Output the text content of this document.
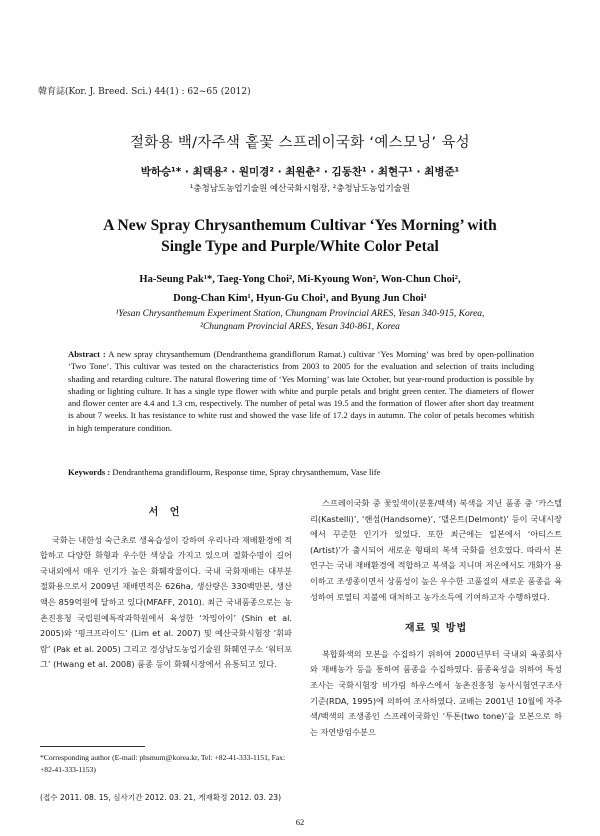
韓育誌(Kor. J. Breed. Sci.) 44(1) : 62~65 (2012)
절화용 백/자주색 홑꽃 스프레이국화 ‘예스모닝’ 육성
박하승¹* · 최택용² · 원미경² · 최원춘² · 김동찬¹ · 최현구¹ · 최병준¹
¹충청남도농업기술원 예산국화시험장, ²충청남도농업기술원
A New Spray Chrysanthemum Cultivar ‘Yes Morning’ with
Single Type and Purple/White Color Petal
Ha-Seung Pak¹*, Taeg-Yong Choi², Mi-Kyoung Won², Won-Chun Choi²,
Dong-Chan Kim¹, Hyun-Gu Choi¹, and Byung Jun Choi¹
¹Yesan Chrysanthemum Experiment Station, Chungnam Provincial ARES, Yesan 340-915, Korea,
²Chungnam Provincial ARES, Yesan 340-861, Korea
Abstract : A new spray chrysanthemum (Dendranthema grandiflorum Ramat.) cultivar ‘Yes Morning’ was bred by open-pollination ‘Two Tone’. This cultivar was tested on the characteristics from 2003 to 2005 for the evaluation and selection of traits including shading and retarding culture. The natural flowering time of ‘Yes Morning’ was late October, but year-round production is possible by shading or lighting culture. It has a single type flower with white and purple petals and bright green center. The diameters of flower and flower center are 4.4 and 1.3 cm, respectively. The number of petal was 19.5 and the formation of flower after short day treatment is about 7 weeks. It has resistance to white rust and showed the vase life of 17.2 days in autumn. The color of petals becomes whitish in high temperature condition.
Keywords : Dendranthema grandiflourm, Response time, Spray chrysanthemum, Vase life
서 언

국화는 내한성 숙근초로 생육습성이 강하여 우리나라 재배환경에 적합하고 다양한 화형과 우수한 색상을 가지고 있으며 절화수명이 길어 국내외에서 매우 인기가 높은 화훼작물이다. 국내 국화재배는 대부분 절화용으로서 2009년 재배면적은 626ha, 생산량은 330백만본, 생산액은 859억원에 달하고 있다(MFAFF, 2010). 최근 국내품종으로는 농촌진흥청 국립원예특작과학원에서 육성한 ‘차밍아이’ (Shin et al. 2005)와 ‘핑크프라이드’ (Lim et al. 2007) 및 예산국화시험장 ‘휘파람’ (Pak et al. 2005) 그리고 경상남도농업기술원 화훼연구소 ‘워터포그’ (Hwang et al. 2008) 품종 등이 화훼시장에서 유통되고 있다.

스프레이국화 중 꽃잎색이(분홍/백색) 복색을 지닌 품종 중 ‘카스텔리(Kastelli)’, ‘핸섬(Handsome)’, ‘델몬트(Delmont)’ 등이 국내시장에서 꾸준한 인기가 있었다. 또한 최근에는 일본에서 ‘아티스트(Artist)’가 출시되어 새로운 형태의 복색 국화를 선호였다. 따라서 본 연구는 국내 재배환경에 적합하고 복색을 지니며 저온에서도 개화가 용이하고 조생종이면서 상품성이 높은 우수한 고품질의 새로운 품종을 육성하여 로열티 지불에 대처하고 농가소득에 기여하고자 수행하였다.

재료 및 방법

복합화색의 모본을 수집하기 위하여 2000년부터 국내외 육종회사와 재배농가 등을 통하여 품종을 수집하였다. 품종육성을 위하여 특성조사는 국화시험장 비가림 하우스에서 농촌진흥청 농사시험연구조사 기준(RDA, 1995)에 의하여 조사하였다. 교배는 2001년 10월에 자주색/백색의 조생종인 스프레이국화인 ‘투톤(two tone)’을 모본으로 하는 자연방임수분으

*Corresponding author (E-mail: phsmum@korea.kr, Tel: +82-41-333-1151, Fax: +82-41-333-1153)
(접수 2011. 08. 15, 심사기간 2012. 03. 21, 게재확정 2012. 03. 23)
62
